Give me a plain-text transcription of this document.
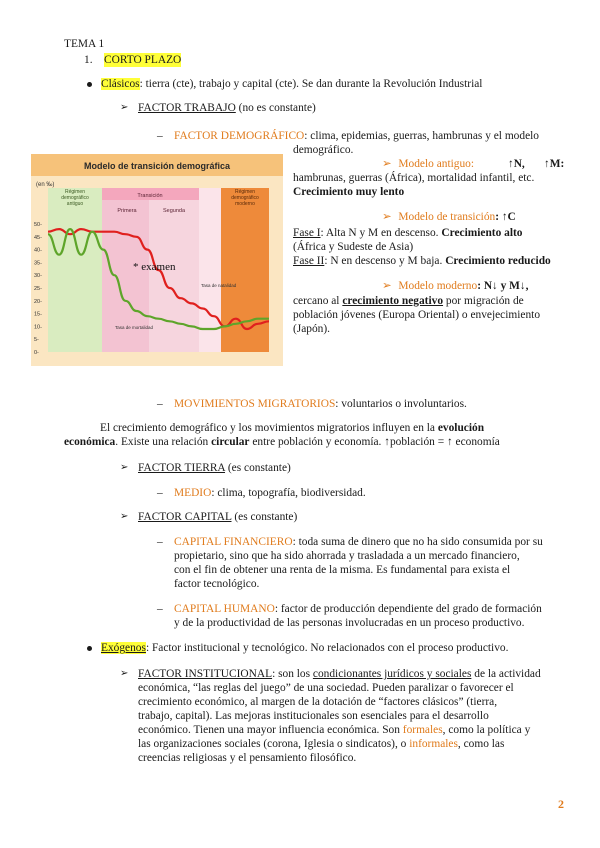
TEMA 1
1. CORTO PLAZO
Clásicos: tierra (cte), trabajo y capital (cte). Se dan durante la Revolución Industrial
➢ FACTOR TRABAJO (no es constante)
– FACTOR DEMOGRÁFICO: clima, epidemias, guerras, hambrunas y el modelo
demográfico.
Modelo de transición demográfica
(en ‰)
Régimen demográfico antiguo
Transición
Primera	Segunda
Régimen demográfico moderno
50-
45-
40-
35-
30-
25-
20-
15-
10-
5-
0-
* examen
Tasa de natalidad
Tasa de mortalidad
➢ Modelo antiguo:	↑N, ↑M:
hambrunas, guerras (África), mortalidad infantil, etc.
Crecimiento muy lento
➢ Modelo de transición: ↑C
Fase I: Alta N y M en descenso. Crecimiento alto
(África y Sudeste de Asia)
Fase II: N en descenso y M baja. Crecimiento reducido
➢ Modelo moderno: N↓ y M↓,
cercano al crecimiento negativo por migración de
población jóvenes (Europa Oriental) o envejecimiento
(Japón).
– MOVIMIENTOS MIGRATORIOS: voluntarios o involuntarios.
El crecimiento demográfico y los movimientos migratorios influyen en la evolución
económica. Existe una relación circular entre población y economía. ↑población = ↑ economía
➢ FACTOR TIERRA (es constante)
– MEDIO: clima, topografía, biodiversidad.
➢ FACTOR CAPITAL (es constante)
– CAPITAL FINANCIERO: toda suma de dinero que no ha sido consumida por su
propietario, sino que ha sido ahorrada y trasladada a un mercado financiero,
con el fin de obtener una renta de la misma. Es fundamental para exista el
factor tecnológico.
– CAPITAL HUMANO: factor de producción dependiente del grado de formación
y de la productividad de las personas involucradas en un proceso productivo.
Exógenos: Factor institucional y tecnológico. No relacionados con el proceso productivo.
➢ FACTOR INSTITUCIONAL: son los condicionantes jurídicos y sociales de la actividad
económica, “las reglas del juego” de una sociedad. Pueden paralizar o favorecer el
crecimiento económico, al margen de la dotación de “factores clásicos” (tierra,
trabajo, capital). Las mejoras institucionales son esenciales para el desarrollo
económico. Tienen una mayor influencia económica. Son formales, como la política y
las organizaciones sociales (corona, Iglesia o sindicatos), o informales, como las
creencias religiosas y el pensamiento filosófico.
2
